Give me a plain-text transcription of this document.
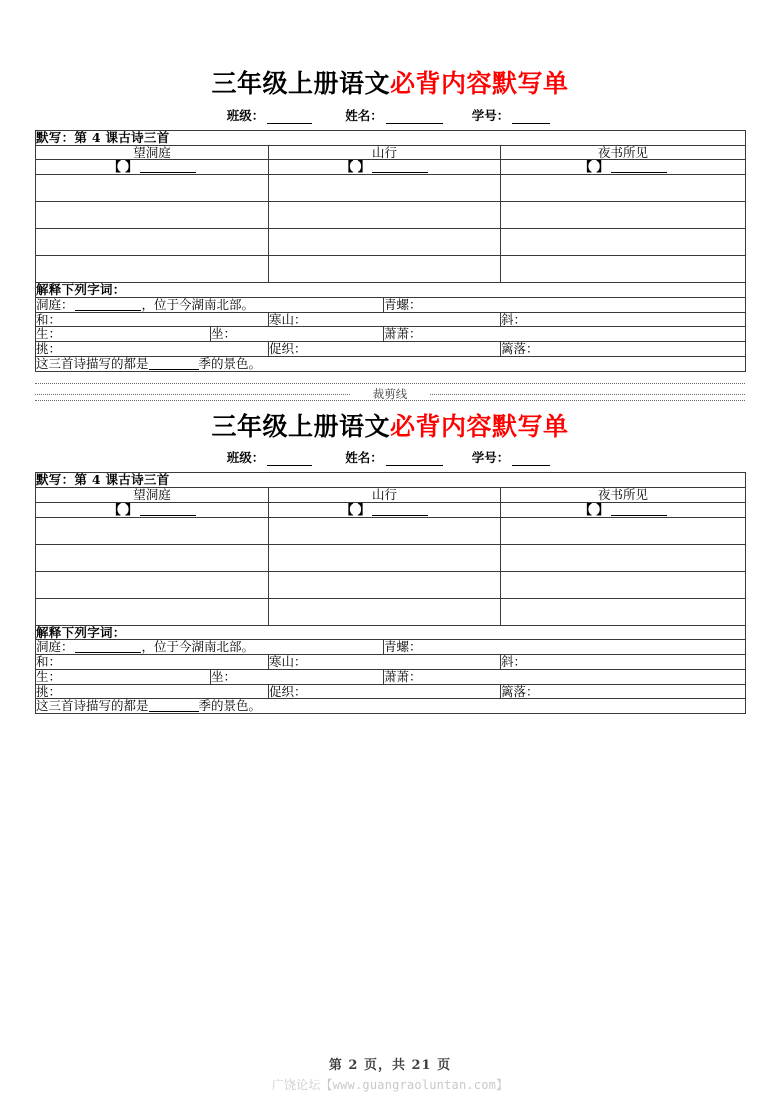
三年级上册语文必背内容默写单
班级：	姓名：	学号：
默写：第 4 课古诗三首				
望洞庭		山行		夜书所见
【 】		【 】		【 】

解释下列字词：				
洞庭： ，位于今湖南北部。			青螺：	
和：		寒山：		斜：
生：	坐：		萧萧：	
挑：		促织：		篱落：
这三首诗描写的都是 季的景色。				
裁剪线
三年级上册语文必背内容默写单
班级：	姓名：	学号：
默写：第 4 课古诗三首				
望洞庭		山行		夜书所见
【 】		【 】		【 】

解释下列字词：				
洞庭： ，位于今湖南北部。			青螺：	
和：		寒山：		斜：
生：	坐：		萧萧：	
挑：		促织：		篱落：
这三首诗描写的都是 季的景色。				
第 2 页，共 21 页
广饶论坛【www.guangraoluntan.com】
